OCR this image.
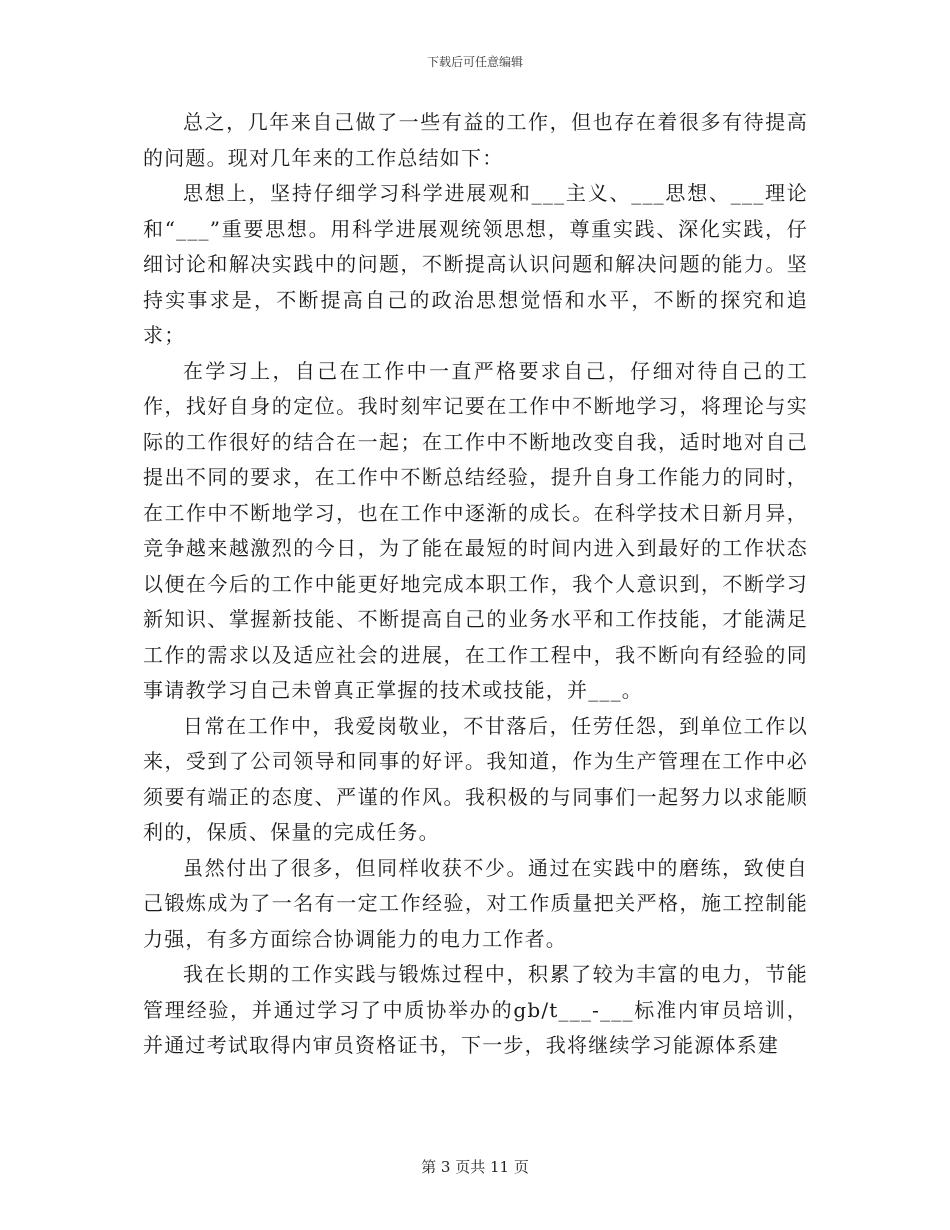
下载后可任意编辑

总之，几年来自己做了一些有益的工作，但也存在着很多有待提高的问题。现对几年来的工作总结如下：

思想上，坚持仔细学习科学进展观和___主义、___思想、___理论和“___”重要思想。用科学进展观统领思想，尊重实践、深化实践，仔细讨论和解决实践中的问题，不断提高认识问题和解决问题的能力。坚持实事求是，不断提高自己的政治思想觉悟和水平，不断的探究和追求；

在学习上，自己在工作中一直严格要求自己，仔细对待自己的工作，找好自身的定位。我时刻牢记要在工作中不断地学习，将理论与实际的工作很好的结合在一起；在工作中不断地改变自我，适时地对自己提出不同的要求，在工作中不断总结经验，提升自身工作能力的同时，在工作中不断地学习，也在工作中逐渐的成长。在科学技术日新月异，竞争越来越激烈的今日，为了能在最短的时间内进入到最好的工作状态以便在今后的工作中能更好地完成本职工作，我个人意识到，不断学习新知识、掌握新技能、不断提高自己的业务水平和工作技能，才能满足工作的需求以及适应社会的进展，在工作工程中，我不断向有经验的同事请教学习自己未曾真正掌握的技术或技能，并___。

日常在工作中，我爱岗敬业，不甘落后，任劳任怨，到单位工作以来，受到了公司领导和同事的好评。我知道，作为生产管理在工作中必须要有端正的态度、严谨的作风。我积极的与同事们一起努力以求能顺利的，保质、保量的完成任务。

虽然付出了很多，但同样收获不少。通过在实践中的磨练，致使自己锻炼成为了一名有一定工作经验，对工作质量把关严格，施工控制能力强，有多方面综合协调能力的电力工作者。

我在长期的工作实践与锻炼过程中，积累了较为丰富的电力，节能管理经验，并通过学习了中质协举办的gb/t___-___标准内审员培训，并通过考试取得内审员资格证书，下一步，我将继续学习能源体系建

第 3 页共 11 页
